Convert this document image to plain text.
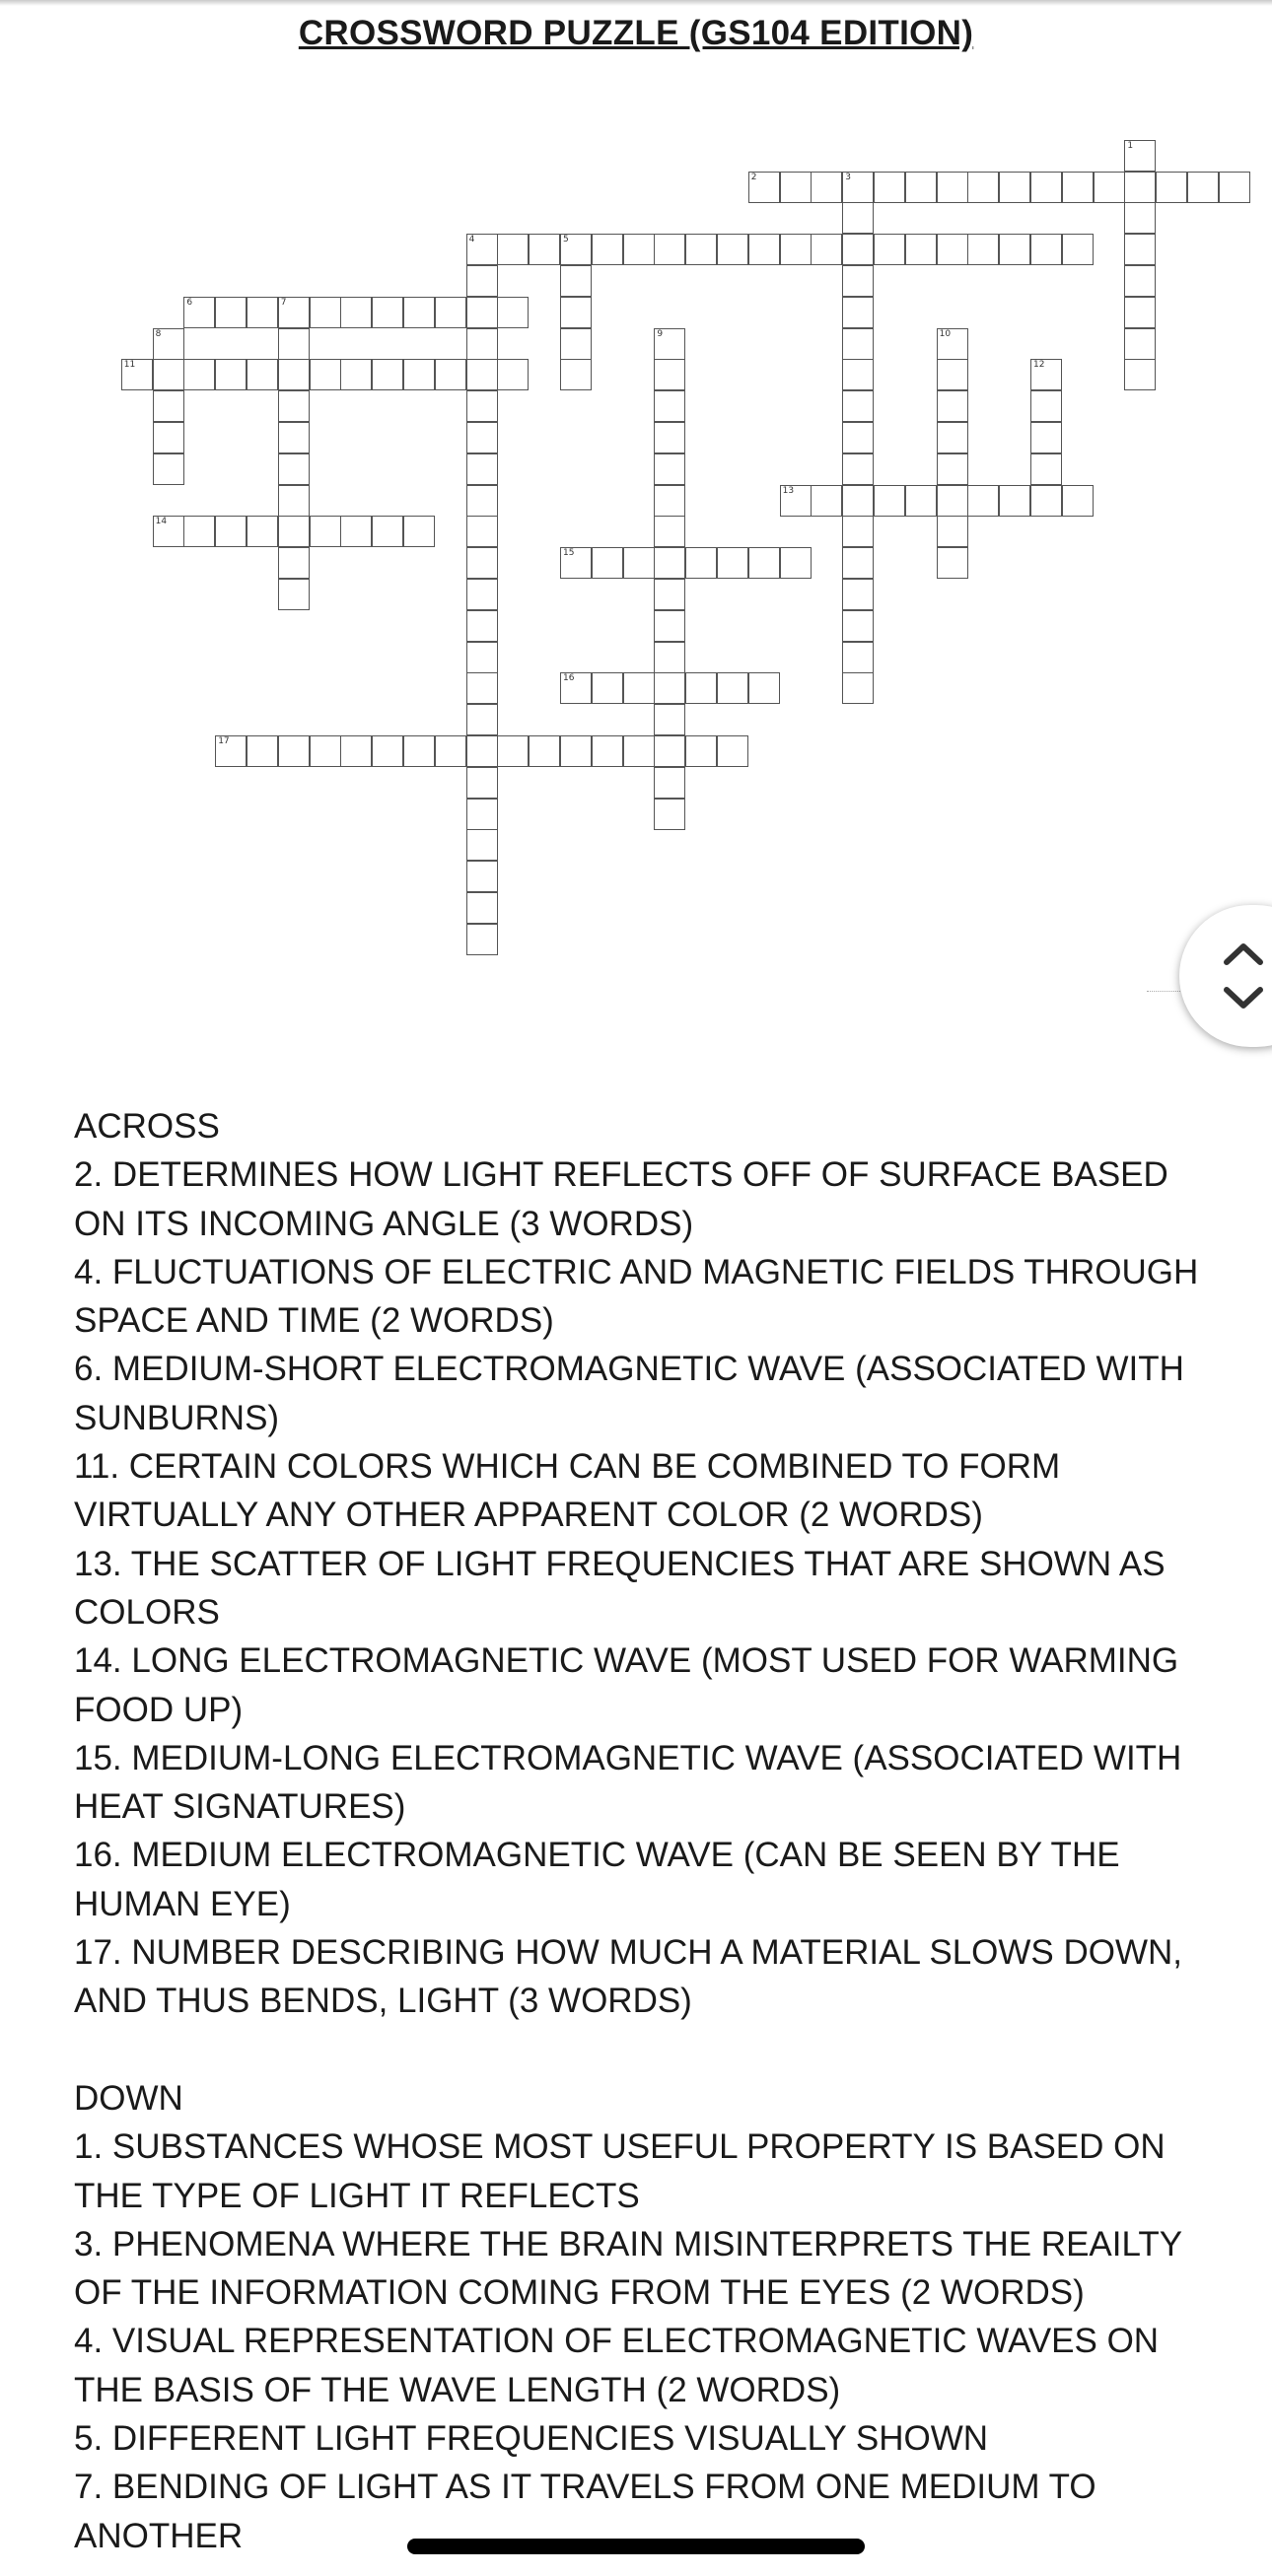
CROSSWORD PUZZLE (GS104 EDITION)
2	3
4	5
6	7
11
13
14
15
16
17
1
8	9	10
12

ACROSS

2. DETERMINES HOW LIGHT REFLECTS OFF OF SURFACE BASED ON ITS INCOMING ANGLE (3 WORDS)

4. FLUCTUATIONS OF ELECTRIC AND MAGNETIC FIELDS THROUGH SPACE AND TIME (2 WORDS)

6. MEDIUM-SHORT ELECTROMAGNETIC WAVE (ASSOCIATED WITH SUNBURNS)

11. CERTAIN COLORS WHICH CAN BE COMBINED TO FORM VIRTUALLY ANY OTHER APPARENT COLOR (2 WORDS)

13. THE SCATTER OF LIGHT FREQUENCIES THAT ARE SHOWN AS COLORS

14. LONG ELECTROMAGNETIC WAVE (MOST USED FOR WARMING FOOD UP)

15. MEDIUM-LONG ELECTROMAGNETIC WAVE (ASSOCIATED WITH HEAT SIGNATURES)

16. MEDIUM ELECTROMAGNETIC WAVE (CAN BE SEEN BY THE HUMAN EYE)

17. NUMBER DESCRIBING HOW MUCH A MATERIAL SLOWS DOWN, AND THUS BENDS, LIGHT (3 WORDS)

DOWN

1. SUBSTANCES WHOSE MOST USEFUL PROPERTY IS BASED ON THE TYPE OF LIGHT IT REFLECTS

3. PHENOMENA WHERE THE BRAIN MISINTERPRETS THE REAILTY OF THE INFORMATION COMING FROM THE EYES (2 WORDS)

4. VISUAL REPRESENTATION OF ELECTROMAGNETIC WAVES ON THE BASIS OF THE WAVE LENGTH (2 WORDS)

5. DIFFERENT LIGHT FREQUENCIES VISUALLY SHOWN

7. BENDING OF LIGHT AS IT TRAVELS FROM ONE MEDIUM TO ANOTHER
